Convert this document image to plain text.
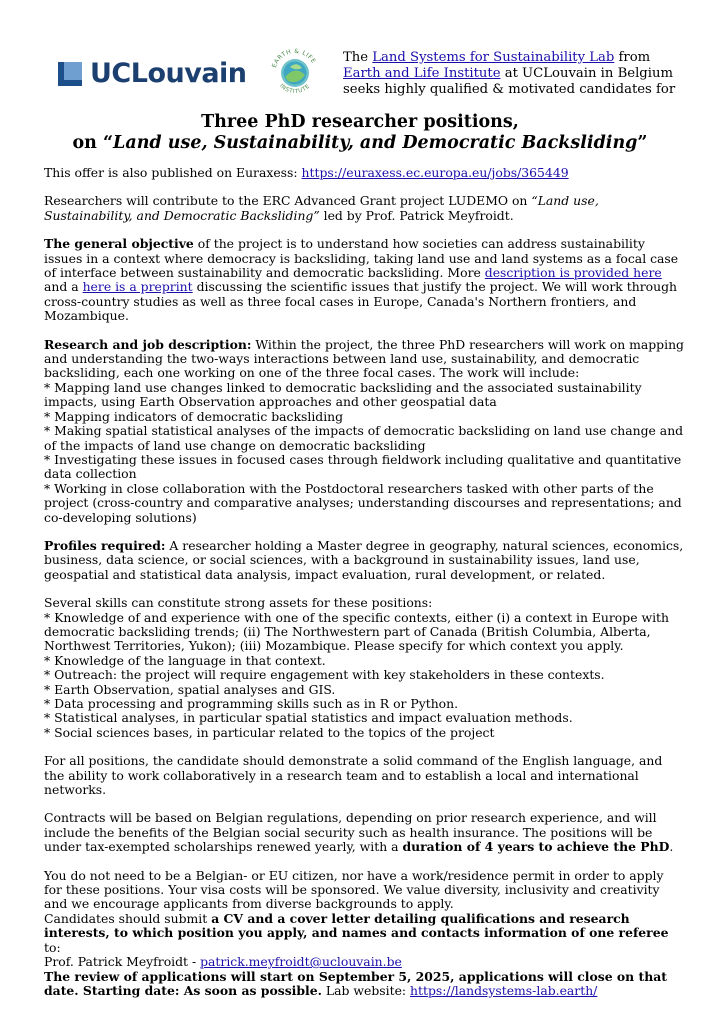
UCLouvain	EARTH & LIFE
INSTITUTE
The Land Systems for Sustainability Lab from
Earth and Life Institute at UCLouvain in Belgium
seeks highly qualified & motivated candidates for
Three PhD researcher positions,
on “Land use, Sustainability, and Democratic Backsliding”

This offer is also published on Euraxess: https://euraxess.ec.europa.eu/jobs/365449

Researchers will contribute to the ERC Advanced Grant project LUDEMO on “Land use, Sustainability, and Democratic Backsliding” led by Prof. Patrick Meyfroidt.

The general objective of the project is to understand how societies can address sustainability issues in a context where democracy is backsliding, taking land use and land systems as a focal case of interface between sustainability and democratic backsliding. More description is provided here and a here is a preprint discussing the scientific issues that justify the project. We will work through cross-country studies as well as three focal cases in Europe, Canada's Northern frontiers, and Mozambique.

Research and job description: Within the project, the three PhD researchers will work on mapping and understanding the two-ways interactions between land use, sustainability, and democratic backsliding, each one working on one of the three focal cases. The work will include:

* Mapping land use changes linked to democratic backsliding and the associated sustainability impacts, using Earth Observation approaches and other geospatial data

* Mapping indicators of democratic backsliding

* Making spatial statistical analyses of the impacts of democratic backsliding on land use change and of the impacts of land use change on democratic backsliding

* Investigating these issues in focused cases through fieldwork including qualitative and quantitative data collection

* Working in close collaboration with the Postdoctoral researchers tasked with other parts of the project (cross-country and comparative analyses; understanding discourses and representations; and co-developing solutions)

Profiles required: A researcher holding a Master degree in geography, natural sciences, economics, business, data science, or social sciences, with a background in sustainability issues, land use, geospatial and statistical data analysis, impact evaluation, rural development, or related.

Several skills can constitute strong assets for these positions:

* Knowledge of and experience with one of the specific contexts, either (i) a context in Europe with democratic backsliding trends; (ii) The Northwestern part of Canada (British Columbia, Alberta, Northwest Territories, Yukon); (iii) Mozambique. Please specify for which context you apply.

* Knowledge of the language in that context.

* Outreach: the project will require engagement with key stakeholders in these contexts.

* Earth Observation, spatial analyses and GIS.

* Data processing and programming skills such as in R or Python.

* Statistical analyses, in particular spatial statistics and impact evaluation methods.

* Social sciences bases, in particular related to the topics of the project

For all positions, the candidate should demonstrate a solid command of the English language, and the ability to work collaboratively in a research team and to establish a local and international networks.

Contracts will be based on Belgian regulations, depending on prior research experience, and will include the benefits of the Belgian social security such as health insurance. The positions will be under tax-exempted scholarships renewed yearly, with a duration of 4 years to achieve the PhD.

You do not need to be a Belgian- or EU citizen, nor have a work/residence permit in order to apply for these positions. Your visa costs will be sponsored. We value diversity, inclusivity and creativity and we encourage applicants from diverse backgrounds to apply.

Candidates should submit a CV and a cover letter detailing qualifications and research interests, to which position you apply, and names and contacts information of one referee to:

Prof. Patrick Meyfroidt - patrick.meyfroidt@uclouvain.be

The review of applications will start on September 5, 2025, applications will close on that date. Starting date: As soon as possible. Lab website: https://landsystems-lab.earth/
